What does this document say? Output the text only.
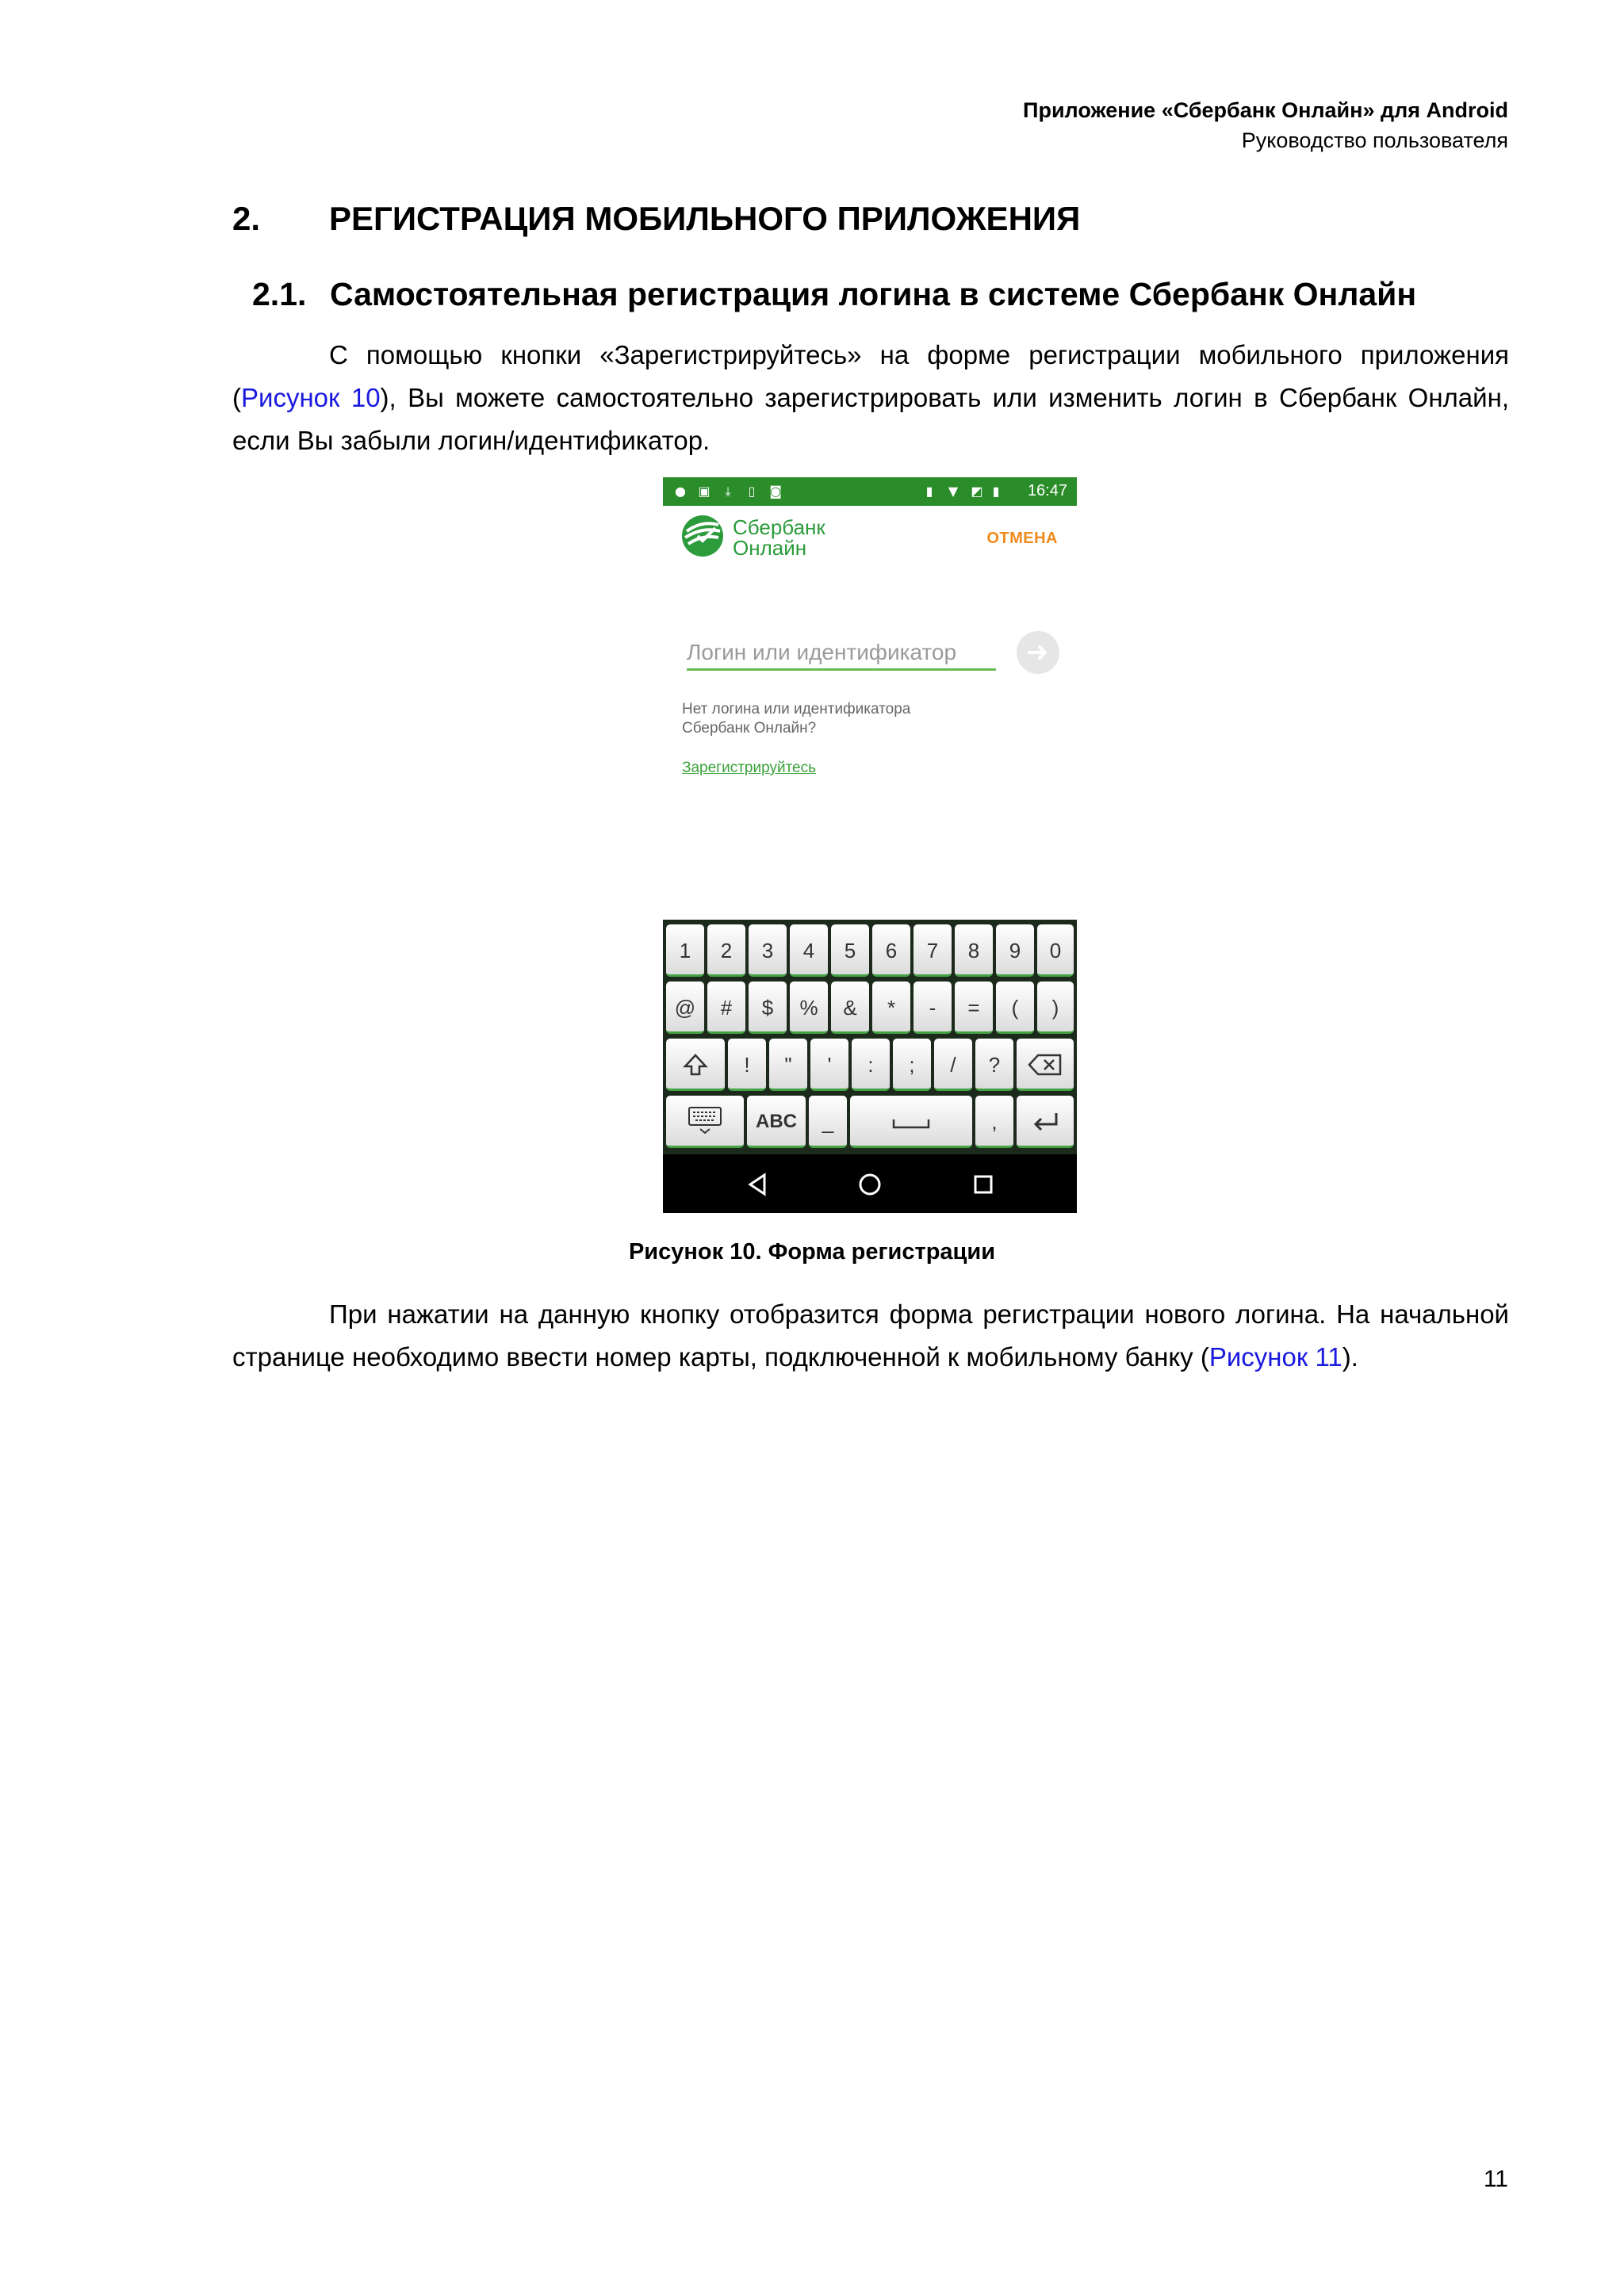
Приложение «Сбербанк Онлайн» для Android
Руководство пользователя
2. РЕГИСТРАЦИЯ МОБИЛЬНОГО ПРИЛОЖЕНИЯ
2.1. Самостоятельная регистрация логина в системе Сбербанк Онлайн

С помощью кнопки «Зарегистрируйтесь» на форме регистрации мобильного приложения (Рисунок 10), Вы можете самостоятельно зарегистрировать или изменить логин в Сбербанк Онлайн, если Вы забыли логин/идентификатор.

● ▣	⤓	▯	◙	▮	▼ ◩ ▮ 16:47
Сбербанк
Онлайн	ОТМЕНА
Логин или идентификатор
Нет логина или идентификатора
Сбербанк Онлайн?
Зарегистрируйтесь
1	2	3	4	5	6	7	8	9	0
@	#	$	%	&	*	-	=	(	)
!	"	'	:	;	/	?
ABC	_	,
Рисунок 10. Форма регистрации

При нажатии на данную кнопку отобразится форма регистрации нового логина. На начальной странице необходимо ввести номер карты, подключенной к мобильному банку (Рисунок 11).

11
